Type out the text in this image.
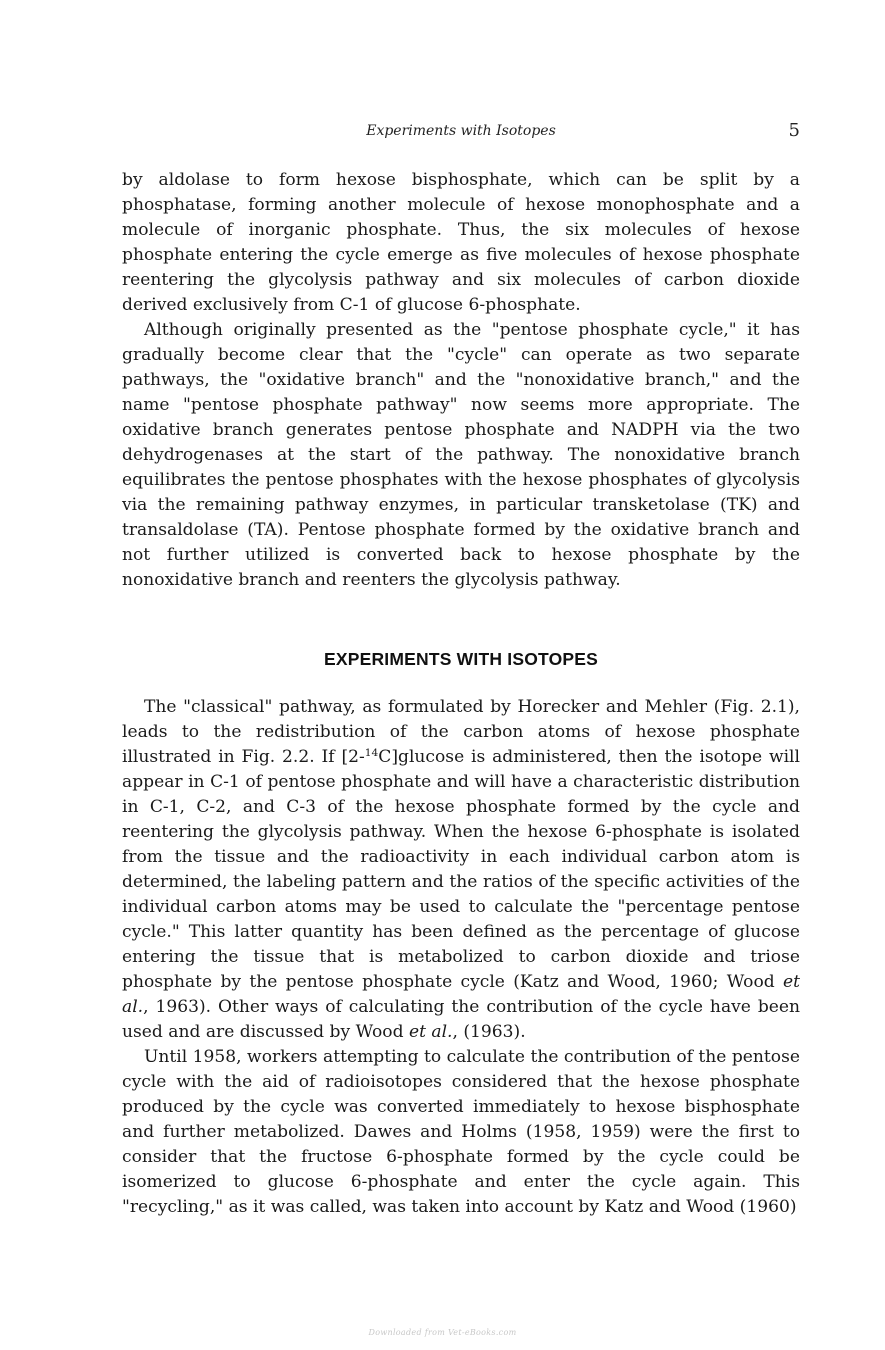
Experiments with Isotopes	5

by aldolase to form hexose bisphosphate, which can be split by a phosphatase, forming another molecule of hexose monophosphate and a molecule of inorganic phosphate. Thus, the six molecules of hexose phosphate entering the cycle emerge as five molecules of hexose phosphate reentering the glycolysis pathway and six molecules of carbon dioxide derived exclusively from C-1 of glucose 6-phosphate.

Although originally presented as the "pentose phosphate cycle," it has gradually become clear that the "cycle" can operate as two separate pathways, the "oxidative branch" and the "nonoxidative branch," and the name "pentose phosphate pathway" now seems more appropriate. The oxidative branch generates pentose phosphate and NADPH via the two dehydrogenases at the start of the pathway. The nonoxidative branch equilibrates the pentose phosphates with the hexose phosphates of glycolysis via the remaining pathway enzymes, in particular transketolase (TK) and transaldolase (TA). Pentose phosphate formed by the oxidative branch and not further utilized is converted back to hexose phosphate by the nonoxidative branch and reenters the glycolysis pathway.

EXPERIMENTS WITH ISOTOPES

The "classical" pathway, as formulated by Horecker and Mehler (Fig. 2.1), leads to the redistribution of the carbon atoms of hexose phosphate illustrated in Fig. 2.2. If [2-$^{14}$C]glucose is administered, then the isotope will appear in C-1 of pentose phosphate and will have a characteristic distribution in C-1, C-2, and C-3 of the hexose phosphate formed by the cycle and reentering the glycolysis pathway. When the hexose 6-phosphate is isolated from the tissue and the radioactivity in each individual carbon atom is determined, the labeling pattern and the ratios of the specific activities of the individual carbon atoms may be used to calculate the "percentage pentose cycle." This latter quantity has been defined as the percentage of glucose entering the tissue that is metabolized to carbon dioxide and triose phosphate by the pentose phosphate cycle (Katz and Wood, 1960; Wood et al., 1963). Other ways of calculating the contribution of the cycle have been used and are discussed by Wood et al., (1963).

Until 1958, workers attempting to calculate the contribution of the pentose cycle with the aid of radioisotopes considered that the hexose phosphate produced by the cycle was converted immediately to hexose bisphosphate and further metabolized. Dawes and Holms (1958, 1959) were the first to consider that the fructose 6-phosphate formed by the cycle could be isomerized to glucose 6-phosphate and enter the cycle again. This "recycling," as it was called, was taken into account by Katz and Wood (1960)

Downloaded from Vet-eBooks.com
